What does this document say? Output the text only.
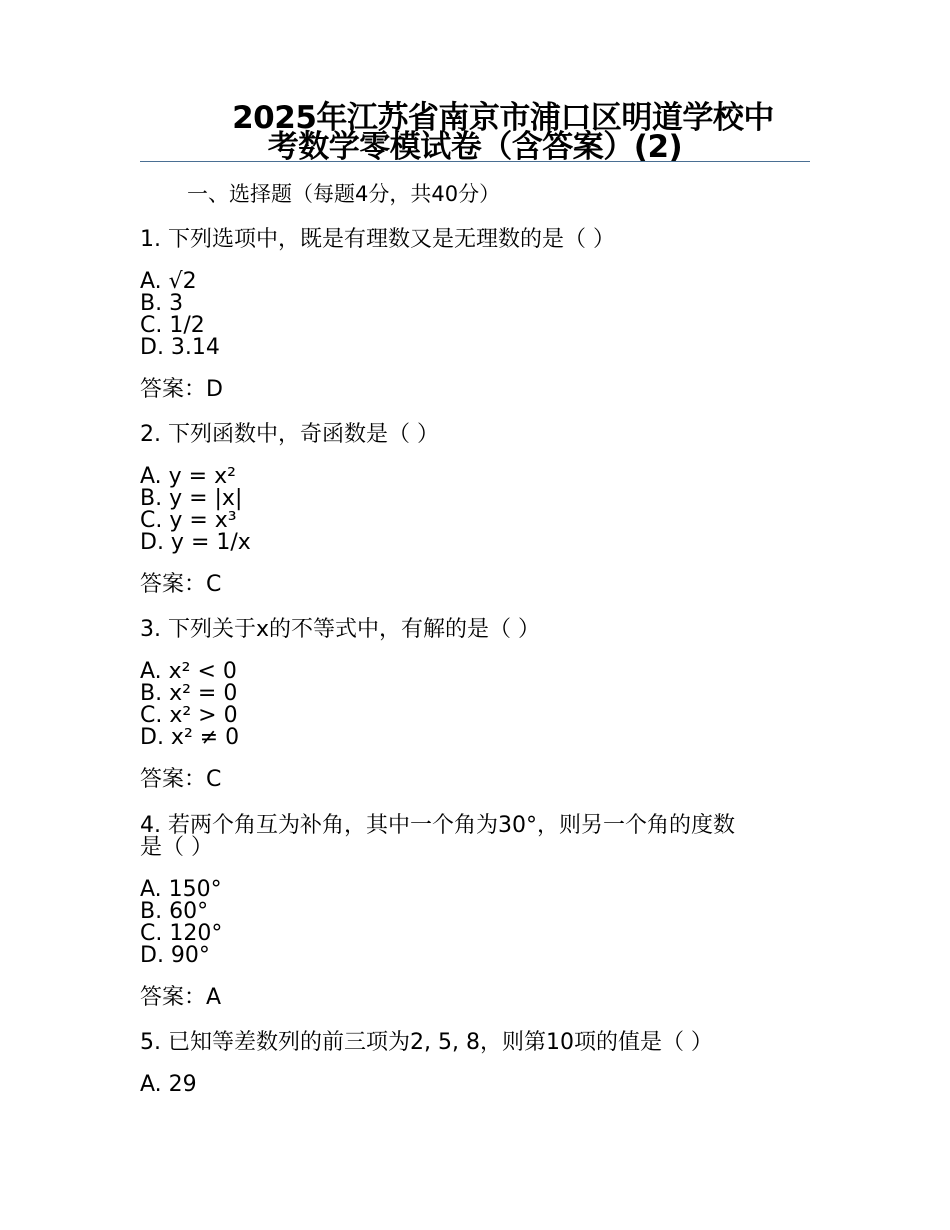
2025年江苏省南京市浦口区明道学校中
考数学零模试卷（含答案）(2)
一、选择题（每题4分，共40分）
1. 下列选项中，既是有理数又是无理数的是（ ）
A. √2
B. 3
C. 1/2
D. 3.14
答案：D
2. 下列函数中，奇函数是（ ）
A. y = x²
B. y = |x|
C. y = x³
D. y = 1/x
答案：C
3. 下列关于x的不等式中，有解的是（ ）
A. x² < 0
B. x² = 0
C. x² > 0
D. x² ≠ 0
答案：C
4. 若两个角互为补角，其中一个角为30°，则另一个角的度数
是（ ）
A. 150°
B. 60°
C. 120°
D. 90°
答案：A
5. 已知等差数列的前三项为2, 5, 8，则第10项的值是（ ）
A. 29
